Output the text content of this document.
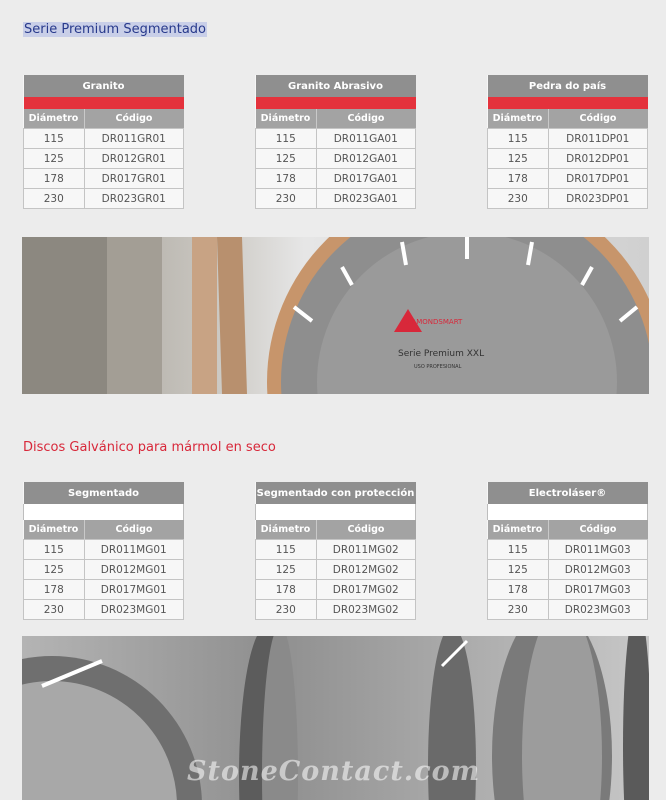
Serie Premium Segmentado
Granito	

Diámetro	Código
115	DR011GR01
125	DR012GR01
178	DR017GR01
230	DR023GR01
Granito Abrasivo	

Diámetro	Código
115	DR011GA01
125	DR012GA01
178	DR017GA01
230	DR023GA01
Pedra do país	

Diámetro	Código
115	DR011DP01
125	DR012DP01
178	DR017DP01
230	DR023DP01
DIAMONDSMART
Serie Premium XXL
USO PROFESIONAL
Discos Galvánico para mármol en seco
Segmentado	

Diámetro	Código
115	DR011MG01
125	DR012MG01
178	DR017MG01
230	DR023MG01
Segmentado con protección	

Diámetro	Código
115	DR011MG02
125	DR012MG02
178	DR017MG02
230	DR023MG02
Electroláser®	

Diámetro	Código
115	DR011MG03
125	DR012MG03
178	DR017MG03
230	DR023MG03
StoneContact.com
